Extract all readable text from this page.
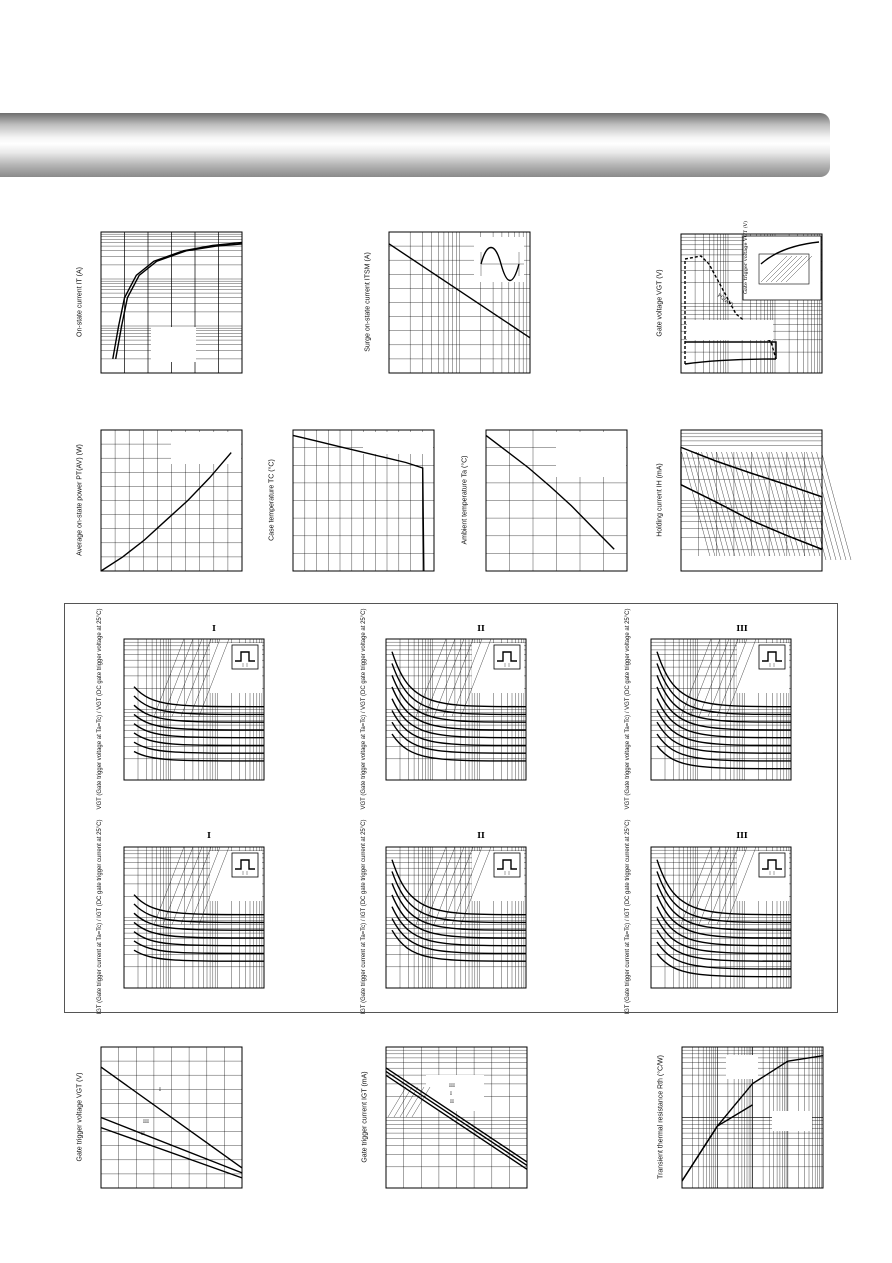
On-state current IT (A)	Surge on-state current ITSM (A)	Gate trigger voltage VGT (V)
PG(AV)
Gate voltage VGT (V)
Average on-state power PT(AV) (W)	Case temperature TC (°C)	Ambient temperature Ta (°C)	Holding current IH (mA)
I
VGT (Gate trigger voltage at Ta=Tc) / VGT (DC gate trigger voltage at 25°C)	II
VGT (Gate trigger voltage at Ta=Tc) / VGT (DC gate trigger voltage at 25°C)	III
VGT (Gate trigger voltage at Ta=Tc) / VGT (DC gate trigger voltage at 25°C)
I
IGT (Gate trigger current at Ta=Tc) / IGT (DC gate trigger current at 25°C)	II
IGT (Gate trigger current at Ta=Tc) / IGT (DC gate trigger current at 25°C)	III
IGT (Gate trigger current at Ta=Tc) / IGT (DC gate trigger current at 25°C)
I
II
III
Gate trigger voltage VGT (V)	III
I
II
Gate trigger current IGT (mA)	Transient thermal resistance Rth (°C/W)
